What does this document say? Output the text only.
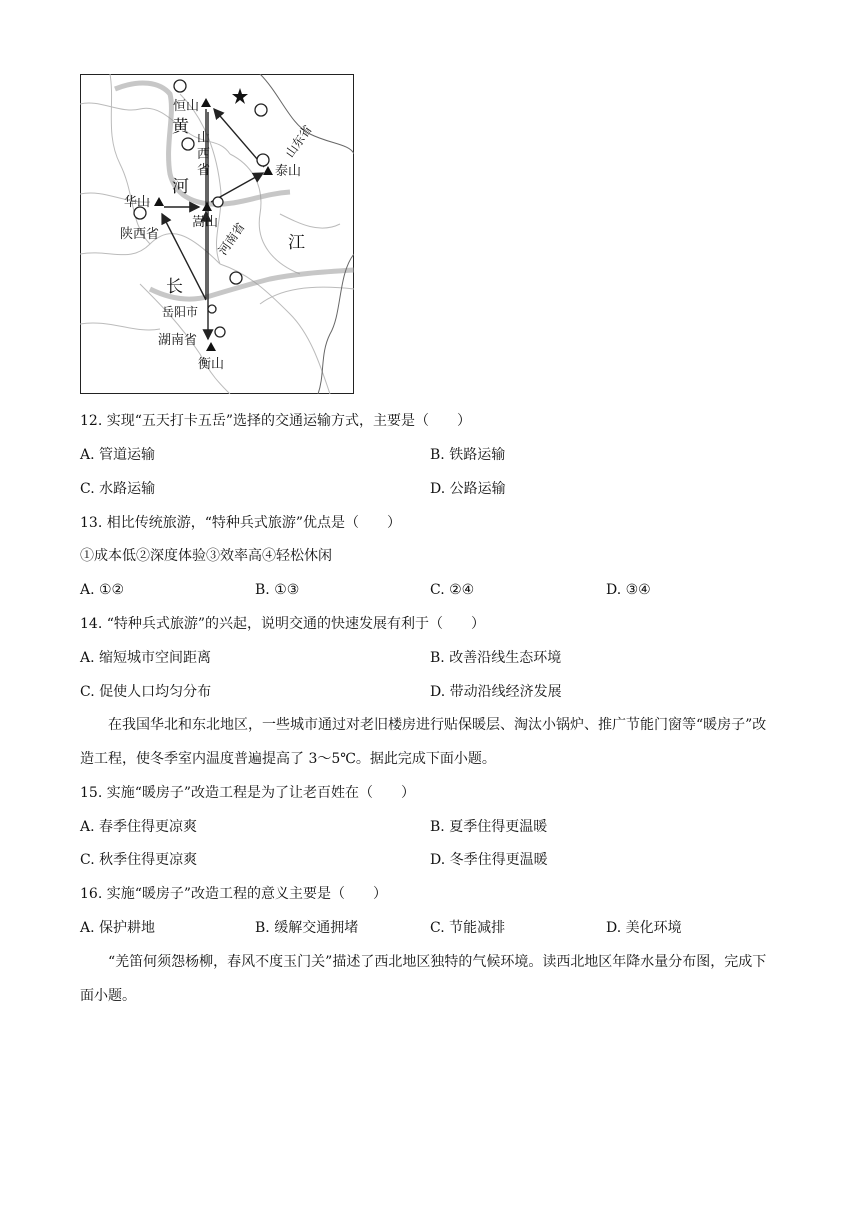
恒山
黄
山
西
省
河
华山
嵩山
陕西省	河南省
泰山
山东省
长
江
岳阳市
湖南省
衡山
12. 实现“五天打卡五岳”选择的交通运输方式，主要是（　　）
A. 管道运输	B. 铁路运输
C. 水路运输	D. 公路运输
13. 相比传统旅游，“特种兵式旅游”优点是（　　）
①成本低②深度体验③效率高④轻松休闲
A. ①②	B. ①③	C. ②④	D. ③④
14. “特种兵式旅游”的兴起，说明交通的快速发展有利于（　　）
A. 缩短城市空间距离	B. 改善沿线生态环境
C. 促使人口均匀分布	D. 带动沿线经济发展
在我国华北和东北地区，一些城市通过对老旧楼房进行贴保暖层、淘汰小锅炉、推广节能门窗等“暖房子”改造工程，使冬季室内温度普遍提高了 3～5℃。据此完成下面小题。
15. 实施“暖房子”改造工程是为了让老百姓在（　　）
A. 春季住得更凉爽	B. 夏季住得更温暖
C. 秋季住得更凉爽	D. 冬季住得更温暖
16. 实施“暖房子”改造工程的意义主要是（　　）
A. 保护耕地	B. 缓解交通拥堵	C. 节能减排	D. 美化环境
“羌笛何须怨杨柳，春风不度玉门关”描述了西北地区独特的气候环境。读西北地区年降水量分布图，完成下面小题。
